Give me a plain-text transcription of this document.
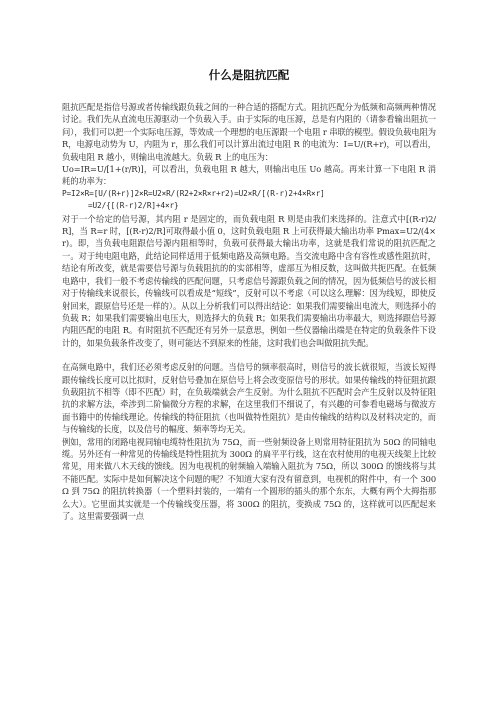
什么是阻抗匹配

阻抗匹配是指信号源或者传输线跟负载之间的一种合适的搭配方式。阻抗匹配分为低频和高频两种情况讨论。我们先从直流电压源驱动一个负载入手。由于实际的电压源，总是有内阻的（请参看输出阻抗一问），我们可以把一个实际电压源，等效成一个理想的电压源跟一个电阻 r 串联的模型。假设负载电阻为 R，电源电动势为 U，内阻为 r，那么我们可以计算出流过电阻 R 的电流为：I=U/(R+r)，可以看出，负载电阻 R 越小，则输出电流越大。负载 R 上的电压为：

Uo=IR=U/[1+(r/R)]，可以看出，负载电阻 R 越大，则输出电压 Uo 越高。再来计算一下电阻 R 消耗的功率为：

P=I2×R=[U/(R+r)]2×R=U2×R/(R2+2×R×r+r2)=U2×R/[(R-r)2+4×R×r]

=U2/{[(R-r)2/R]+4×r}

对于一个给定的信号源，其内阻 r 是固定的，而负载电阻 R 则是由我们来选择的。注意式中[(R-r)2/R]，当 R=r 时，[(R-r)2/R]可取得最小值 0，这时负载电阻 R 上可获得最大输出功率 Pmax=U2/(4×r)。即，当负载电阻跟信号源内阻相等时，负载可获得最大输出功率，这就是我们常说的阻抗匹配之一。对于纯电阻电路，此结论同样适用于低频电路及高频电路。当交流电路中含有容性或感性阻抗时，结论有所改变，就是需要信号源与负载阻抗的的实部相等，虚部互为相反数，这叫做共扼匹配。在低频电路中，我们一般不考虑传输线的匹配问题，只考虑信号源跟负载之间的情况，因为低频信号的波长相对于传输线来说很长，传输线可以看成是“短线”，反射可以不考虑（可以这么理解：因为线短，即使反射回来，跟原信号还是一样的）。从以上分析我们可以得出结论：如果我们需要输出电流大，则选择小的负载 R；如果我们需要输出电压大，则选择大的负载 R；如果我们需要输出功率最大，则选择跟信号源内阻匹配的电阻 R。有时阻抗不匹配还有另外一层意思，例如一些仪器输出端是在特定的负载条件下设计的，如果负载条件改变了，则可能达不到原来的性能，这时我们也会叫做阻抗失配。

在高频电路中，我们还必须考虑反射的问题。当信号的频率很高时，则信号的波长就很短，当波长短得跟传输线长度可以比拟时，反射信号叠加在原信号上将会改变原信号的形状。如果传输线的特征阻抗跟负载阻抗不相等（即不匹配）时，在负载端就会产生反射。为什么阻抗不匹配时会产生反射以及特征阻抗的求解方法，牵涉到二阶偏微分方程的求解，在这里我们不细说了，有兴趣的可参看电磁场与微波方面书籍中的传输线理论。传输线的特征阻抗（也叫做特性阻抗）是由传输线的结构以及材料决定的，而与传输线的长度，以及信号的幅度、频率等均无关。

例如，常用的闭路电视同轴电缆特性阻抗为 75Ω，而一些射频设备上则常用特征阻抗为 50Ω 的同轴电缆。另外还有一种常见的传输线是特性阻抗为 300Ω 的扁平平行线，这在农村使用的电视天线架上比较常见，用来做八木天线的馈线。因为电视机的射频输入端输入阻抗为 75Ω，所以 300Ω 的馈线将与其不能匹配。实际中是如何解决这个问题的呢？不知道大家有没有留意到，电视机的附件中，有一个 300Ω 到 75Ω 的阻抗转换器（一个塑料封装的，一端有一个圆形的插头的那个东东，大概有两个大拇指那么大）。它里面其实就是一个传输线变压器，将 300Ω 的阻抗，变换成 75Ω 的，这样就可以匹配起来了。这里需要强调一点
